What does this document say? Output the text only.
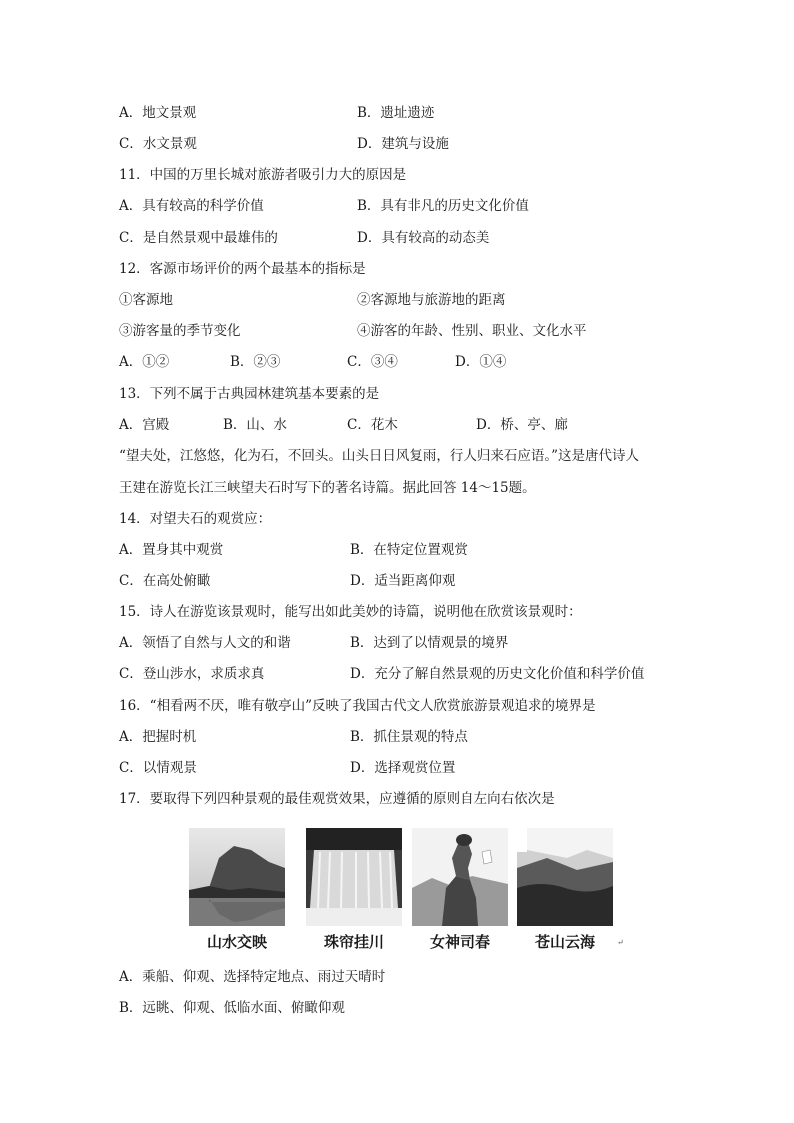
A．地文景观	B．遗址遗迹
C．水文景观	D．建筑与设施
11．中国的万里长城对旅游者吸引力大的原因是
A．具有较高的科学价值	B．具有非凡的历史文化价值
C．是自然景观中最雄伟的	D．具有较高的动态美
12．客源市场评价的两个最基本的指标是
①客源地	②客源地与旅游地的距离
③游客量的季节变化	④游客的年龄、性别、职业、文化水平
A．①②	B．②③	C．③④	D．①④
13．下列不属于古典园林建筑基本要素的是
A．宫殿	B．山、水	C．花木	D．桥、亭、廊
“望夫处，江悠悠，化为石，不回头。山头日日风复雨，行人归来石应语。”这是唐代诗人
王建在游览长江三峡望夫石时写下的著名诗篇。据此回答 14～15题。
14．对望夫石的观赏应：
A．置身其中观赏	B．在特定位置观赏
C．在高处俯瞰	D．适当距离仰观
15．诗人在游览该景观时，能写出如此美妙的诗篇，说明他在欣赏该景观时：
A．领悟了自然与人文的和谐	B．达到了以情观景的境界
C．登山涉水，求质求真	D．充分了解自然景观的历史文化价值和科学价值
16．“相看两不厌，唯有敬亭山”反映了我国古代文人欣赏旅游景观追求的境界是
A．把握时机	B．抓住景观的特点
C．以情观景	D．选择观赏位置
17．要取得下列四种景观的最佳观赏效果，应遵循的原则自左向右依次是
山水交映	珠帘挂川	女神司春	苍山云海	↵
A．乘船、仰观、选择特定地点、雨过天晴时
B．远眺、仰观、低临水面、俯瞰仰观
